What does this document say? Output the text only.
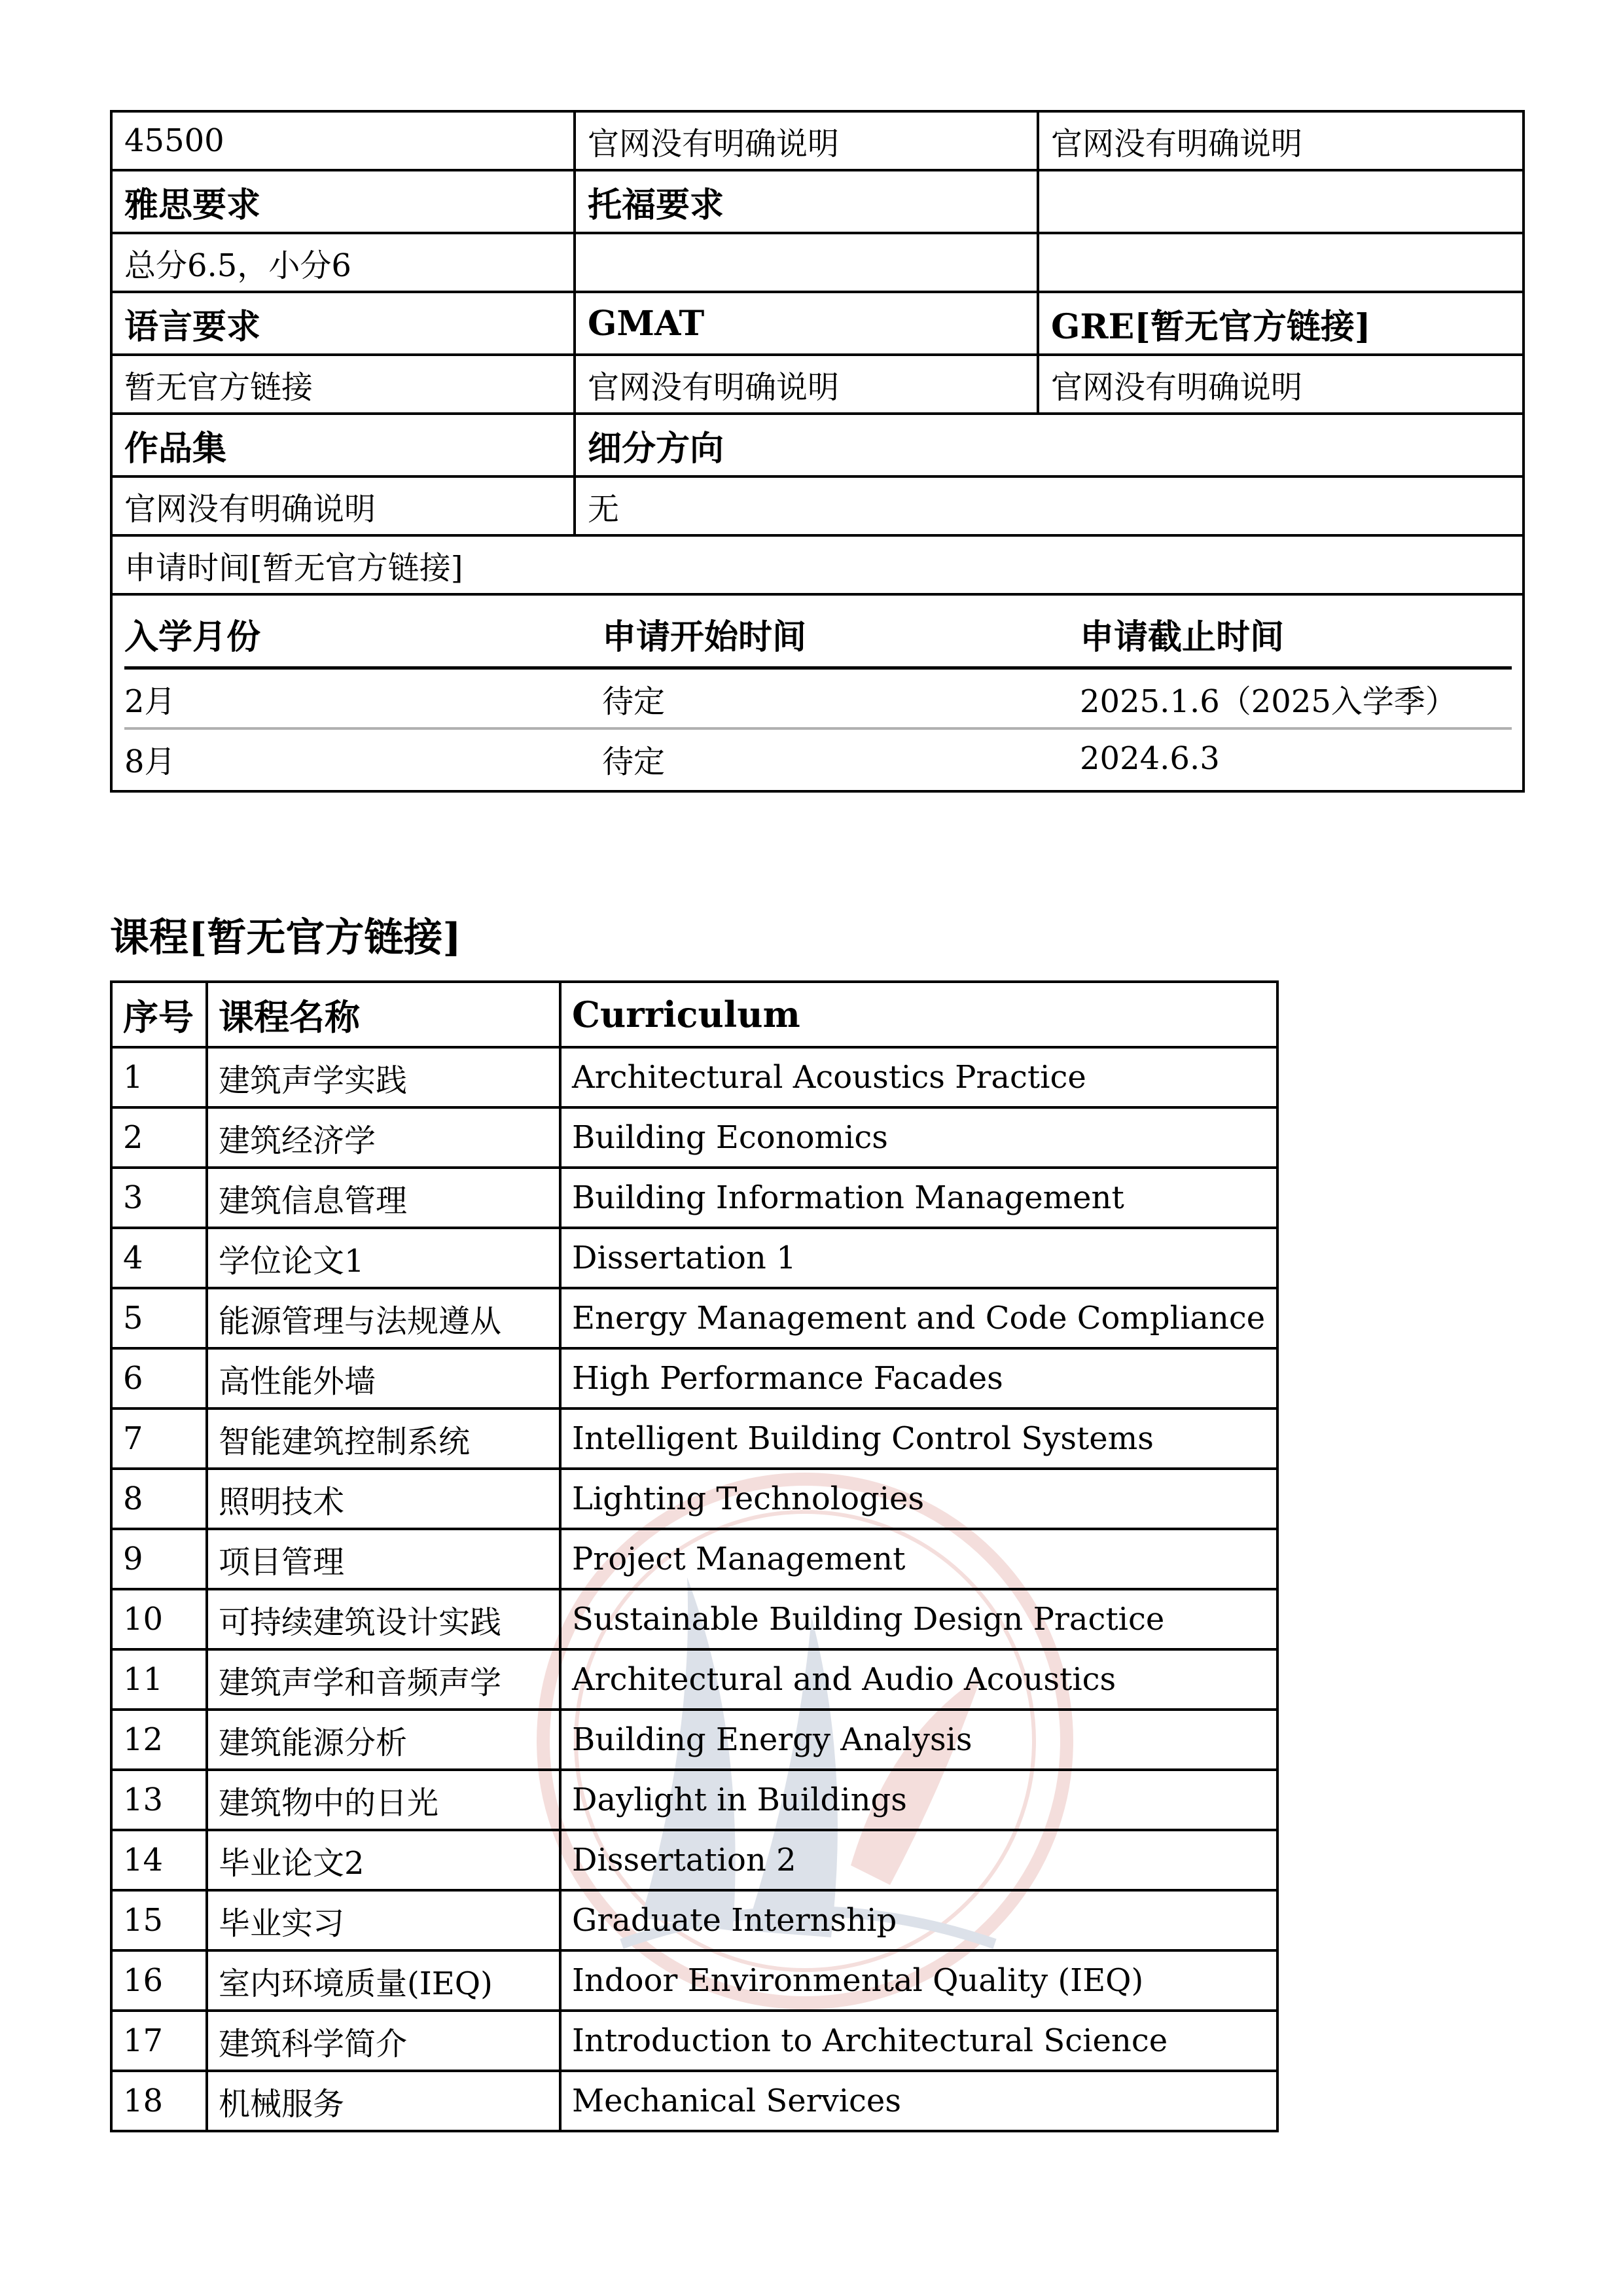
45500	官网没有明确说明	官网没有明确说明
雅思要求	托福要求	
总分6.5，小分6		
语言要求	GMAT	GRE[暂无官方链接]
暂无官方链接	官网没有明确说明	官网没有明确说明
作品集	细分方向
官网没有明确说明	无
申请时间[暂无官方链接]

入学月份	申请开始时间	申请截止时间
2月	待定	2025.1.6（2025入学季）
8月	待定	2024.6.3
课程[暂无官方链接]
序号	课程名称	Curriculum
1	建筑声学实践	Architectural Acoustics Practice
2	建筑经济学	Building Economics
3	建筑信息管理	Building Information Management
4	学位论文1	Dissertation 1
5	能源管理与法规遵从	Energy Management and Code Compliance
6	高性能外墙	High Performance Facades
7	智能建筑控制系统	Intelligent Building Control Systems
8	照明技术	Lighting Technologies
9	项目管理	Project Management
10	可持续建筑设计实践	Sustainable Building Design Practice
11	建筑声学和音频声学	Architectural and Audio Acoustics
12	建筑能源分析	Building Energy Analysis
13	建筑物中的日光	Daylight in Buildings
14	毕业论文2	Dissertation 2
15	毕业实习	Graduate Internship
16	室内环境质量(IEQ)	Indoor Environmental Quality (IEQ)
17	建筑科学简介	Introduction to Architectural Science
18	机械服务	Mechanical Services
